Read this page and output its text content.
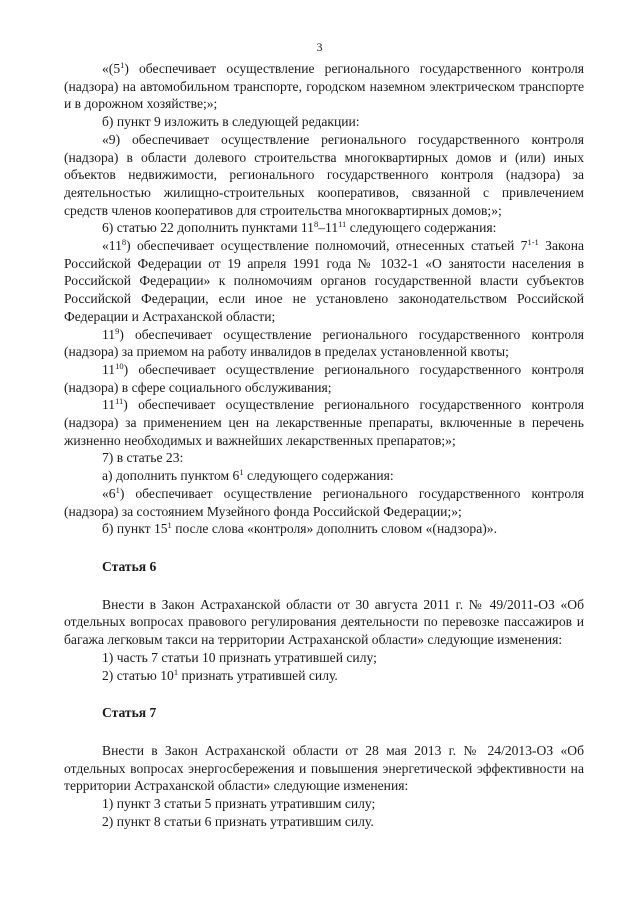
3

«$(5^1)$ обеспечивает осуществление регионального государственного контроля (надзора) на автомобильном транспорте, городском наземном электрическом транспорте и в дорожном хозяйстве;»;

б) пункт 9 изложить в следующей редакции:

«9) обеспечивает осуществление регионального государственного контроля (надзора) в области долевого строительства многоквартирных домов и (или) иных объектов недвижимости, регионального государственного контроля (надзора) за деятельностью жилищно-строительных кооперативов, связанной с привлечением средств членов кооперативов для строительства многоквартирных домов;»;

6) статью 22 дополнить пунктами $11^8-11^{11}$ следующего содержания:

«$11^8$) обеспечивает осуществление полномочий, отнесенных статьей 7$^{1-1}$ Закона Российской Федерации от 19 апреля 1991 года № 1032-1 «О занятости населения в Российской Федерации» к полномочиям органов государственной власти субъектов Российской Федерации, если иное не установлено законодательством Российской Федерации и Астраханской области;

$11^9$) обеспечивает осуществление регионального государственного контроля (надзора) за приемом на работу инвалидов в пределах установленной квоты;

$11^{10}$) обеспечивает осуществление регионального государственного контроля (надзора) в сфере социального обслуживания;

$11^{11}$) обеспечивает осуществление регионального государственного контроля (надзора) за применением цен на лекарственные препараты, включенные в перечень жизненно необходимых и важнейших лекарственных препаратов;»;

7) в статье 23:

а) дополнить пунктом $6^1$ следующего содержания:

«$6^1$) обеспечивает осуществление регионального государственного контроля (надзора) за состоянием Музейного фонда Российской Федерации;»;

б) пункт $15^1$ после слова «контроля» дополнить словом «(надзора)».

Статья 6

Внести в Закон Астраханской области от 30 августа 2011 г. № 49/2011-ОЗ «Об отдельных вопросах правового регулирования деятельности по перевозке пассажиров и багажа легковым такси на территории Астраханской области» следующие изменения:

1) часть 7 статьи 10 признать утратившей силу;

2) статью $10^1$ признать утратившей силу.

Статья 7

Внести в Закон Астраханской области от 28 мая 2013 г. № 24/2013-ОЗ «Об отдельных вопросах энергосбережения и повышения энергетической эффективности на территории Астраханской области» следующие изменения:

1) пункт 3 статьи 5 признать утратившим силу;

2) пункт 8 статьи 6 признать утратившим силу.
